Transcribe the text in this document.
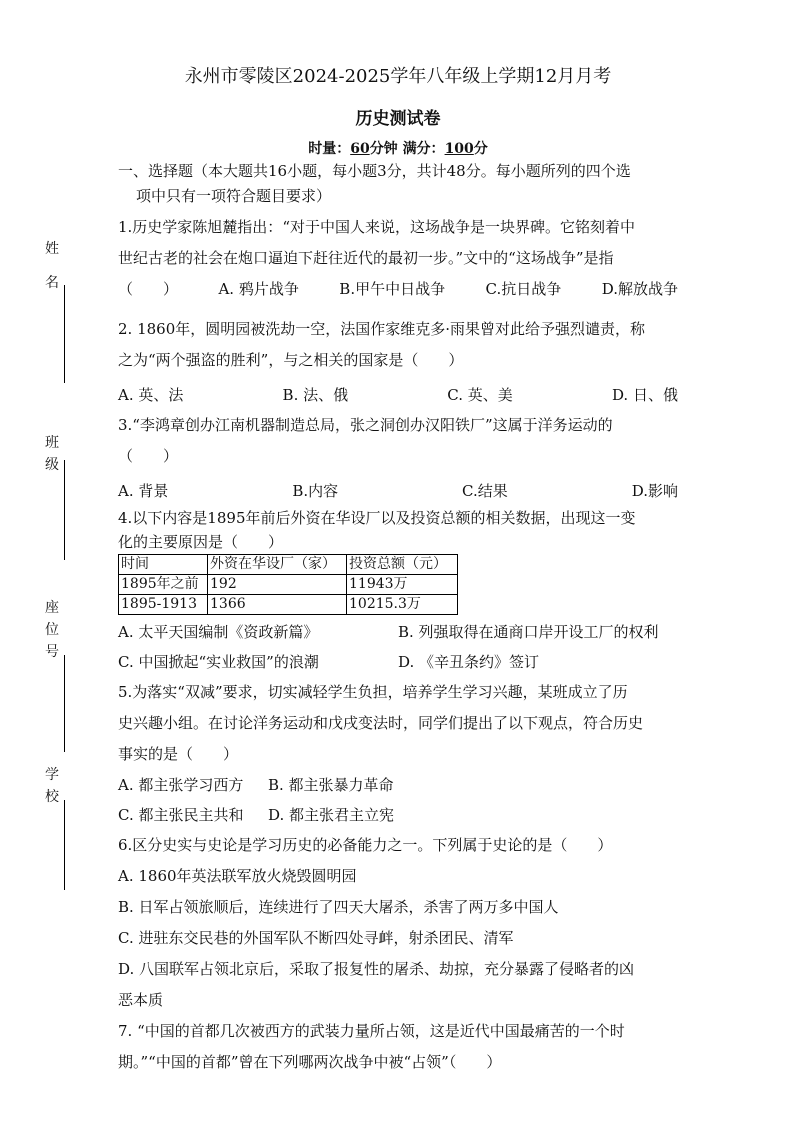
姓
名
班
级
座
位
号
学
校
永州市零陵区2024-2025学年八年级上学期12月月考
历史测试卷
时量：60分钟 满分：100分
一、选择题（本大题共16小题，每小题3分，共计48分。每小题所列的四个选
项中只有一项符合题目要求）

1.历史学家陈旭麓指出：“对于中国人来说，这场战争是一块界碑。它铭刻着中

世纪古老的社会在炮口逼迫下赶往近代的最初一步。”文中的“这场战争”是指

（　　）	A. 鸦片战争	B.甲午中日战争	C.抗日战争	D.解放战争

2. 1860年，圆明园被洗劫一空，法国作家维克多·雨果曾对此给予强烈谴责，称

之为“两个强盗的胜利”，与之相关的国家是（　　）

A. 英、法	B. 法、俄	C. 英、美	D. 日、俄

3.“李鸿章创办江南机器制造总局，张之洞创办汉阳铁厂”这属于洋务运动的

（　　）

A. 背景	B.内容	C.结果	D.影响

4.以下内容是1895年前后外资在华设厂以及投资总额的相关数据，出现这一变

化的主要原因是（　　）

时间	外资在华设厂（家）	投资总额（元）
1895年之前	192	11943万
1895-1913	1366	10215.3万
A. 太平天国编制《资政新篇》	B. 列强取得在通商口岸开设工厂的权利
C. 中国掀起“实业救国”的浪潮	D. 《辛丑条约》签订

5.为落实“双减”要求，切实减轻学生负担，培养学生学习兴趣，某班成立了历

史兴趣小组。在讨论洋务运动和戊戌变法时，同学们提出了以下观点，符合历史

事实的是（　　）

A. 都主张学习西方	B. 都主张暴力革命
C. 都主张民主共和	D. 都主张君主立宪

6.区分史实与史论是学习历史的必备能力之一。下列属于史论的是（　　）

A. 1860年英法联军放火烧毁圆明园

B. 日军占领旅顺后，连续进行了四天大屠杀，杀害了两万多中国人

C. 进驻东交民巷的外国军队不断四处寻衅，射杀团民、清军

D. 八国联军占领北京后，采取了报复性的屠杀、劫掠，充分暴露了侵略者的凶

恶本质

7. “中国的首都几次被西方的武装力量所占领，这是近代中国最痛苦的一个时

期。”“中国的首都”曾在下列哪两次战争中被“占领”（　　）
